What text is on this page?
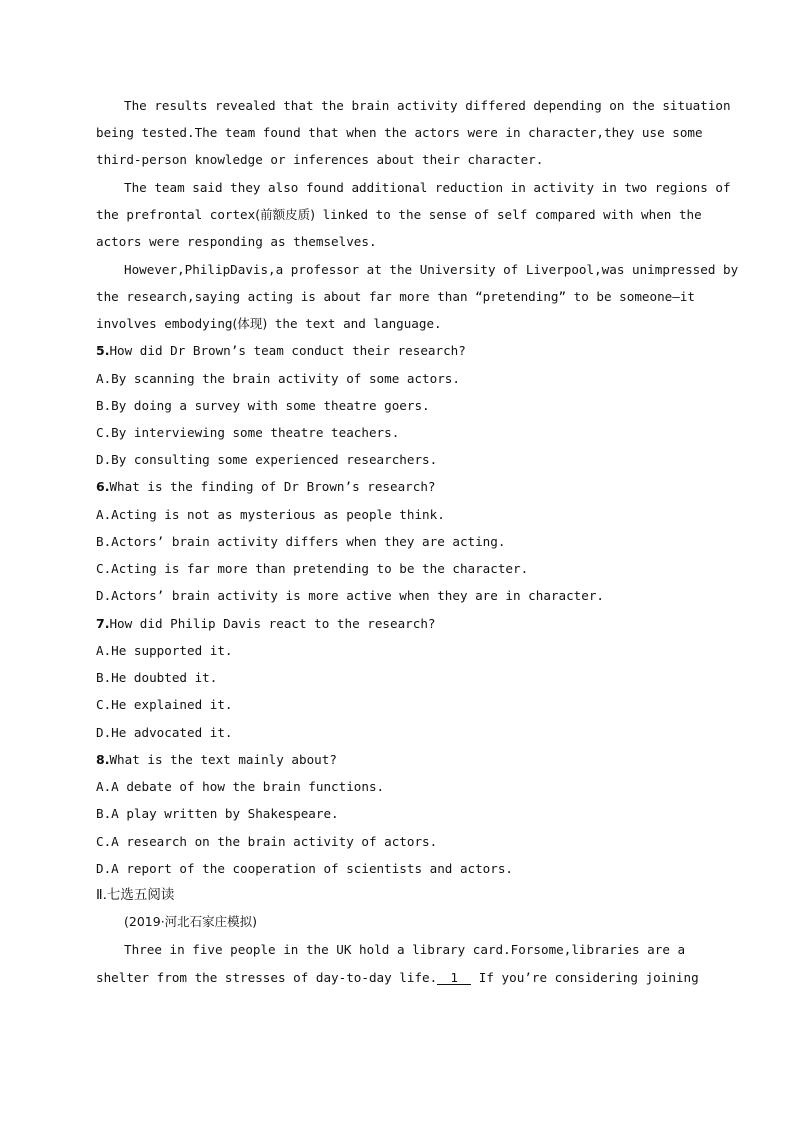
The results revealed that the brain activity differed depending on the situation
being tested.The team found that when the actors were in character,they use some
third-person knowledge or inferences about their character.
The team said they also found additional reduction in activity in two regions of
the prefrontal cortex(前额皮质) linked to the sense of self compared with when the
actors were responding as themselves.
However,PhilipDavis,a professor at the University of Liverpool,was unimpressed by
the research,saying acting is about far more than “pretending” to be someone—it
involves embodying(体现) the text and language.
5.How did Dr Brown’s team conduct their research?
A.By scanning the brain activity of some actors.
B.By doing a survey with some theatre goers.
C.By interviewing some theatre teachers.
D.By consulting some experienced researchers.
6.What is the finding of Dr Brown’s research?
A.Acting is not as mysterious as people think.
B.Actors’ brain activity differs when they are acting.
C.Acting is far more than pretending to be the character.
D.Actors’ brain activity is more active when they are in character.
7.How did Philip Davis react to the research?
A.He supported it.
B.He doubted it.
C.He explained it.
D.He advocated it.
8.What is the text mainly about?
A.A debate of how the brain functions.
B.A play written by Shakespeare.
C.A research on the brain activity of actors.
D.A report of the cooperation of scientists and actors.
Ⅱ.七选五阅读
(2019·河北石家庄模拟)
Three in five people in the UK hold a library card.Forsome,libraries are a
shelter from the stresses of day-to-day life. 1 If you’re considering joining
